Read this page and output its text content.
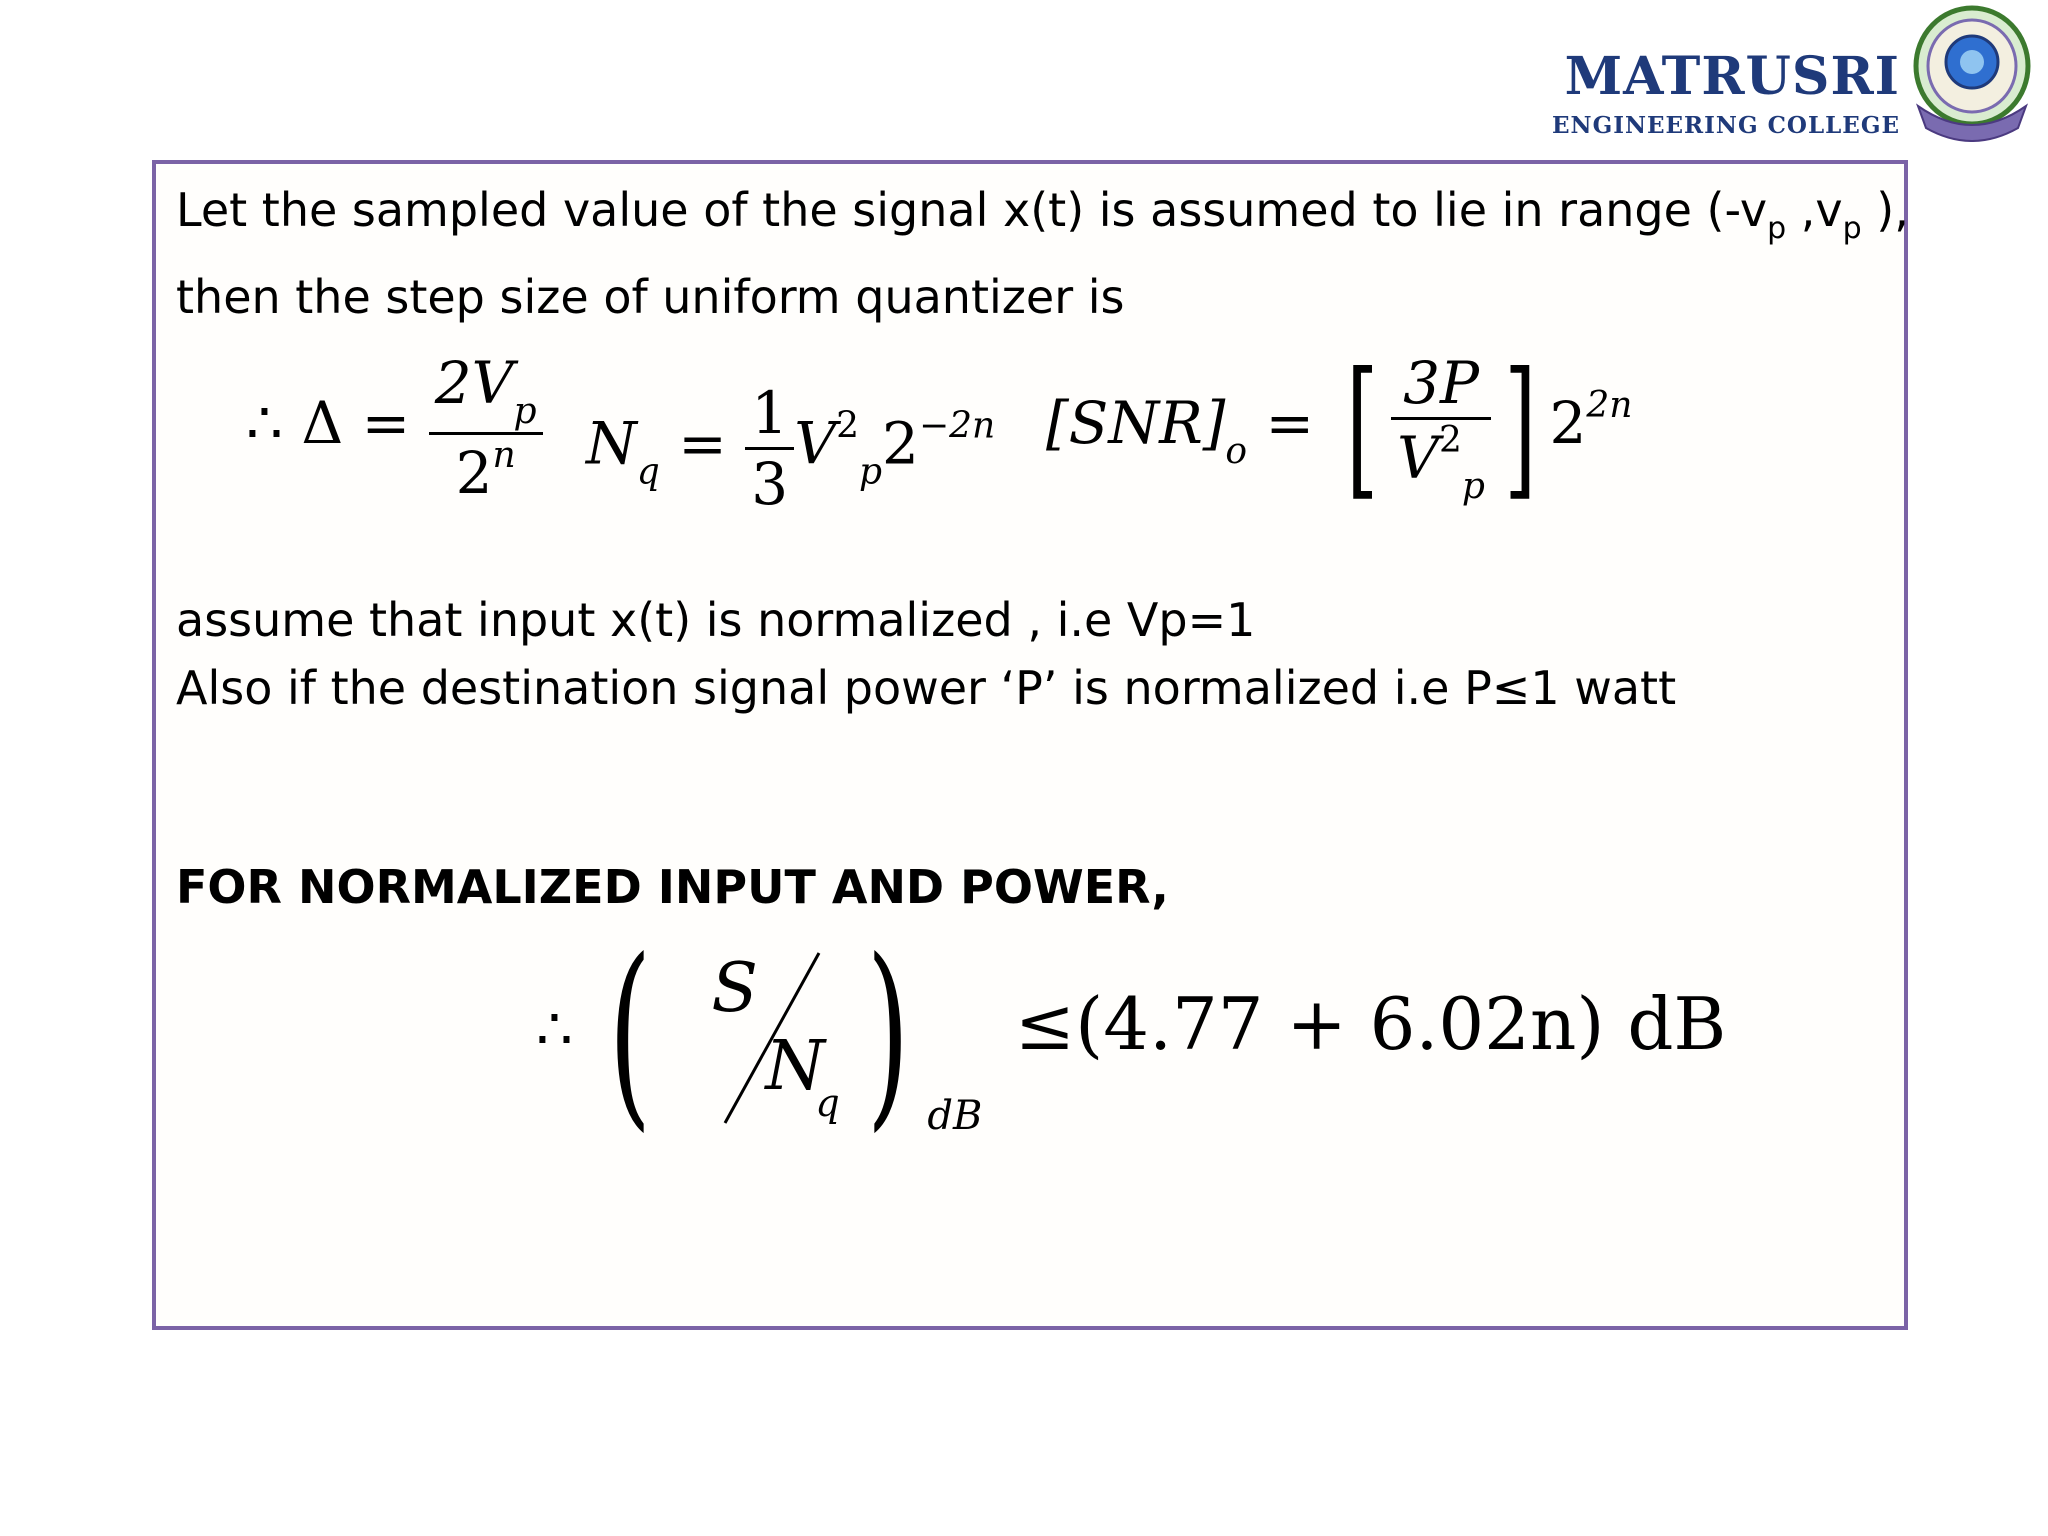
MATRUSRI
ENGINEERING COLLEGE
Let the sampled value of the signal x(t) is assumed to lie in range ($-v_p$ $,v_p$ ),
then the step size of uniform quantizer is
∴ $\Delta = \frac{2V_p}{2^n} N_q = \frac{1}{3} V^2_p2^{-2n}$ $[SNR]_o$ = [ $\frac{3P}{V^2_p}$ ] $2^{2n}$
assume that input x(t) is normalized , i.e Vp=1
Also if the destination signal power ‘P’ is normalized i.e P≤1 watt
FOR NORMALIZED INPUT AND POWER,
∴ ( S
N
q ) $_{dB}$ ≤(4.77 + 6.02n) dB
